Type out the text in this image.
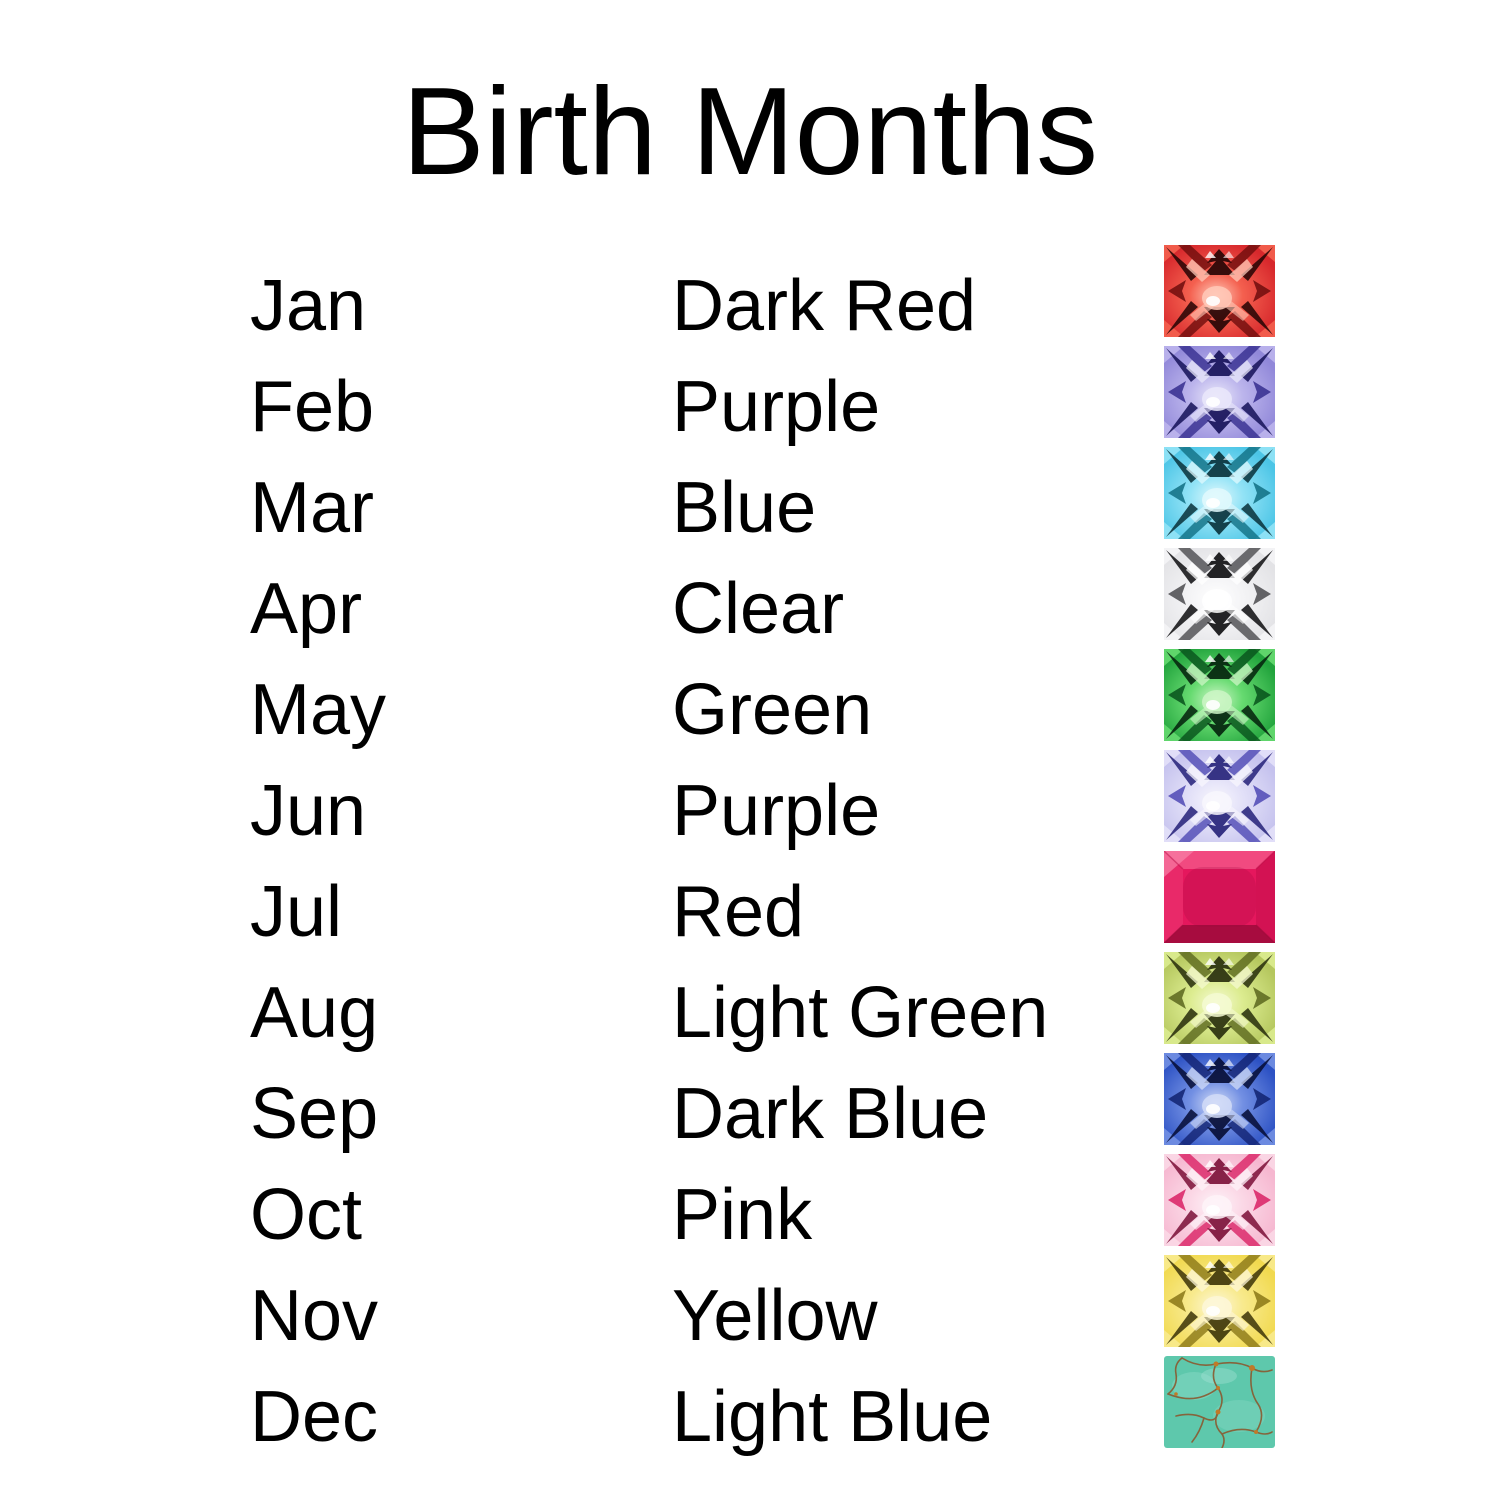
Birth Months
Jan	Dark Red
Feb	Purple
Mar	Blue
Apr	Clear
May	Green
Jun	Purple
Jul	Red
Aug	Light Green
Sep	Dark Blue
Oct	Pink
Nov	Yellow
Dec	Light Blue
